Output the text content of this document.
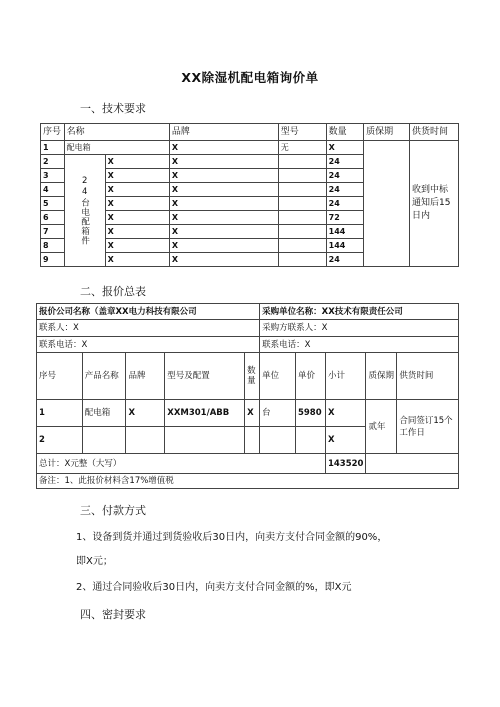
XX除湿机配电箱询价单
一、技术要求
序号	名称		品牌	型号	数量	质保期	供货时间
1	配电箱		X	无	X		收到中标通知后15日内
2	24台电配箱件	X	X		24		
3		X	X		24		
4		X	X		24		
5		X	X		24		
6		X	X		72		
7		X	X		144		
8		X	X		144		
9		X	X		24		
二、报价总表
报价公司名称（盖章XX电力科技有限公司					采购单位名称：XX技术有限责任公司				
联系人：X					采购方联系人：X				
联系电话：X					联系电话：X				
序号	产品名称	品牌	型号及配置	数量	单位	单价	小计	质保期	供货时间
1	配电箱	X	XXM301/ABB	X	台	5980	X	贰年	合同签订15个工作日
2							X		
总计：X元整（大写）							143520		
备注：1、此报价材料含17%增值税									
三、付款方式
1、设备到货并通过到货验收后30日内，向卖方支付合同金额的90%，
即X元；
2、通过合同验收后30日内，向卖方支付合同金额的%，即X元
四、密封要求
